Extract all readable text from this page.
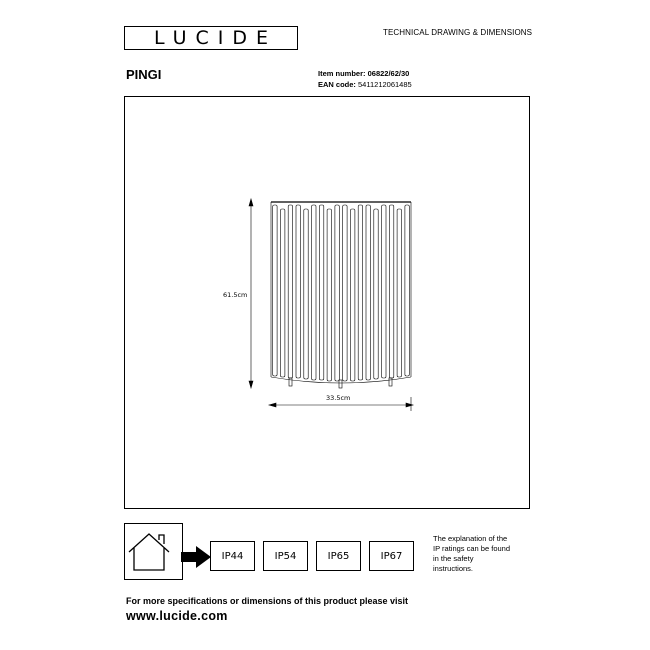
LUCIDE	TECHNICAL DRAWING & DIMENSIONS
PINGI	Item number: 06822/62/30
EAN code: 5411212061485
61.5cm
33.5cm
IP44	IP54	IP65	IP67
The explanation of the
IP ratings can be found
in the safety
instructions.
For more specifications or dimensions of this product please visit
www.lucide.com
